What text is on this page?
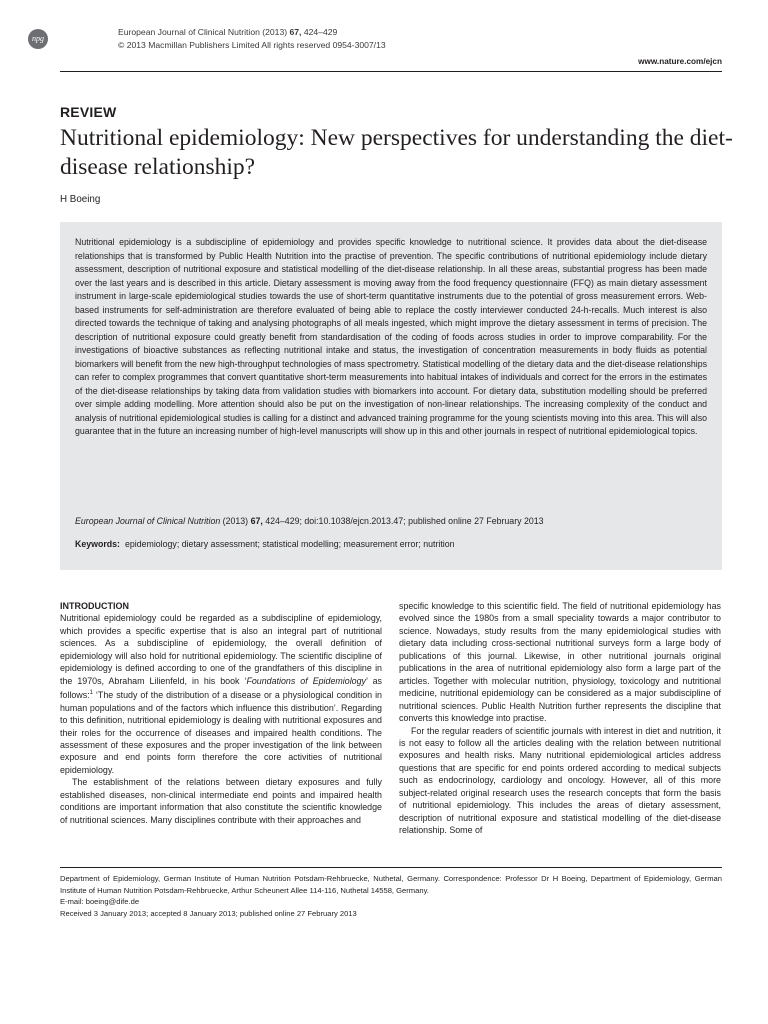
npg
European Journal of Clinical Nutrition (2013) 67, 424–429
© 2013 Macmillan Publishers Limited All rights reserved 0954-3007/13
www.nature.com/ejcn
REVIEW
Nutritional epidemiology: New perspectives for understanding the diet-disease relationship?
H Boeing
Nutritional epidemiology is a subdiscipline of epidemiology and provides specific knowledge to nutritional science. It provides data about the diet-disease relationships that is transformed by Public Health Nutrition into the practise of prevention. The specific contributions of nutritional epidemiology include dietary assessment, description of nutritional exposure and statistical modelling of the diet-disease relationship. In all these areas, substantial progress has been made over the last years and is described in this article. Dietary assessment is moving away from the food frequency questionnaire (FFQ) as main dietary assessment instrument in large-scale epidemiological studies towards the use of short-term quantitative instruments due to the potential of gross measurement errors. Web-based instruments for self-administration are therefore evaluated of being able to replace the costly interviewer conducted 24-h-recalls. Much interest is also directed towards the technique of taking and analysing photographs of all meals ingested, which might improve the dietary assessment in terms of precision. The description of nutritional exposure could greatly benefit from standardisation of the coding of foods across studies in order to improve comparability. For the investigations of bioactive substances as reflecting nutritional intake and status, the investigation of concentration measurements in body fluids as potential biomarkers will benefit from the new high-throughput technologies of mass spectrometry. Statistical modelling of the dietary data and the diet-disease relationships can refer to complex programmes that convert quantitative short-term measurements into habitual intakes of individuals and correct for the errors in the estimates of the diet-disease relationships by taking data from validation studies with biomarkers into account. For dietary data, substitution modelling should be preferred over simple adding modelling. More attention should also be put on the investigation of non-linear relationships. The increasing complexity of the conduct and analysis of nutritional epidemiological studies is calling for a distinct and advanced training programme for the young scientists moving into this area. This will also guarantee that in the future an increasing number of high-level manuscripts will show up in this and other journals in respect of nutritional epidemiological topics.
European Journal of Clinical Nutrition (2013) 67, 424–429; doi:10.1038/ejcn.2013.47; published online 27 February 2013
Keywords: epidemiology; dietary assessment; statistical modelling; measurement error; nutrition
INTRODUCTION

Nutritional epidemiology could be regarded as a subdiscipline of epidemiology, which provides a specific expertise that is also an integral part of nutritional sciences. As a subdiscipline of epidemiology, the overall definition of epidemiology will also hold for nutritional epidemiology. The scientific discipline of epidemiology is defined according to one of the grandfathers of this discipline in the 1970s, Abraham Lilienfeld, in his book ‘Foundations of Epidemiology’ as follows:$^1$ ‘The study of the distribution of a disease or a physiological condition in human populations and of the factors which influence this distribution’. Regarding to this definition, nutritional epidemiology is dealing with nutritional exposures and their roles for the occurrence of diseases and impaired health conditions. The assessment of these exposures and the proper investigation of the link between exposure and end points form therefore the core activities of nutritional epidemiology.

The establishment of the relations between dietary exposures and fully established diseases, non-clinical intermediate end points and impaired health conditions are important information that also constitute the scientific knowledge of nutritional sciences. Many disciplines contribute with their approaches and

specific knowledge to this scientific field. The field of nutritional epidemiology has evolved since the 1980s from a small speciality towards a major contributor to science. Nowadays, study results from the many epidemiological studies with dietary data including cross-sectional nutritional surveys form a large body of publications of this journal. Likewise, in other nutritional journals original publications in the area of nutritional epidemiology also form a large part of the articles. Together with molecular nutrition, physiology, toxicology and nutritional medicine, nutritional epidemiology can be considered as a major subdiscipline of nutritional sciences. Public Health Nutrition further represents the discipline that converts this knowledge into practise.

For the regular readers of scientific journals with interest in diet and nutrition, it is not easy to follow all the articles dealing with the relation between nutritional exposures and health risks. Many nutritional epidemiological articles address questions that are specific for end points ordered according to medical subjects such as endocrinology, cardiology and oncology. However, all of this more subject-related original research uses the research concepts that form the basis of nutritional epidemiology. This includes the areas of dietary assessment, description of nutritional exposure and statistical modelling of the diet-disease relationship. Some of

Department of Epidemiology, German Institute of Human Nutrition Potsdam-Rehbruecke, Nuthetal, Germany. Correspondence: Professor Dr H Boeing, Department of Epidemiology, German Institute of Human Nutrition Potsdam-Rehbruecke, Arthur Scheunert Allee 114-116, Nuthetal 14558, Germany.

E-mail: boeing@dife.de

Received 3 January 2013; accepted 8 January 2013; published online 27 February 2013
